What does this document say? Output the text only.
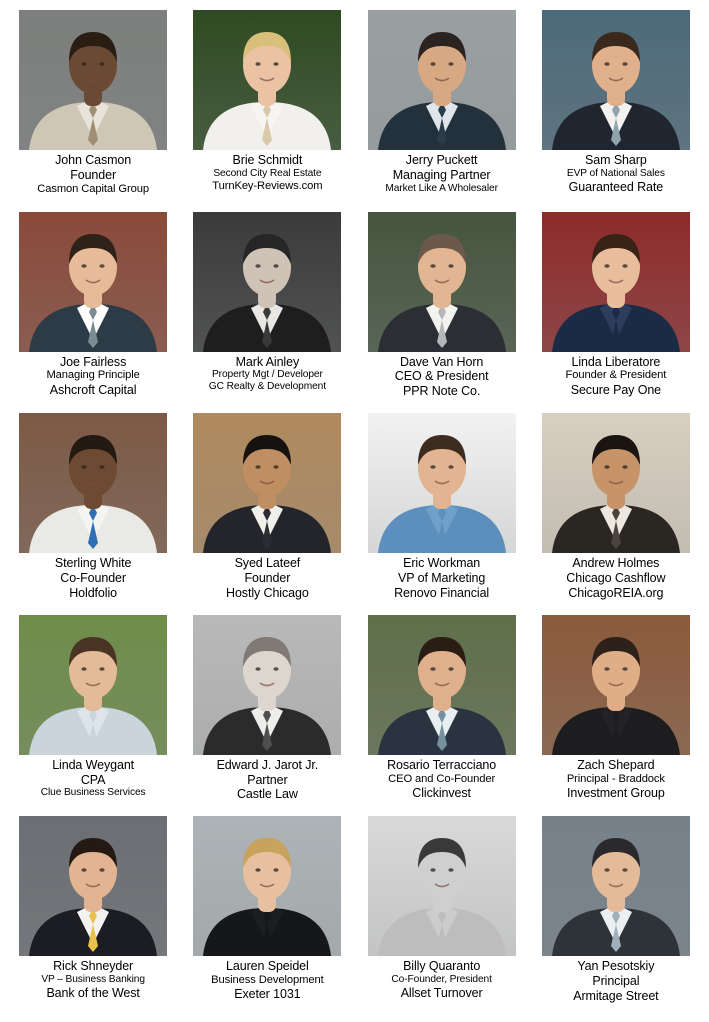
John Casmon
Founder
Casmon Capital Group
Brie Schmidt
Second City Real Estate
TurnKey-Reviews.com
Jerry Puckett
Managing Partner
Market Like A Wholesaler
Sam Sharp
EVP of National Sales
Guaranteed Rate
Joe Fairless
Managing Principle
Ashcroft Capital
Mark Ainley
Property Mgt / Developer
GC Realty & Development
Dave Van Horn
CEO & President
PPR Note Co.
Linda Liberatore
Founder & President
Secure Pay One
Sterling White
Co-Founder
Holdfolio
Syed Lateef
Founder
Hostly Chicago
Eric Workman
VP of Marketing
Renovo Financial
Andrew Holmes
Chicago Cashflow
ChicagoREIA.org
Linda Weygant
CPA
Clue Business Services
Edward J. Jarot Jr.
Partner
Castle Law
Rosario Terracciano
CEO and Co-Founder
Clickinvest
Zach Shepard
Principal - Braddock
Investment Group
Rick Shneyder
VP – Business Banking
Bank of the West
Lauren Speidel
Business Development
Exeter 1031
Billy Quaranto
Co-Founder, President
Allset Turnover
Yan Pesotskiy
Principal
Armitage Street
